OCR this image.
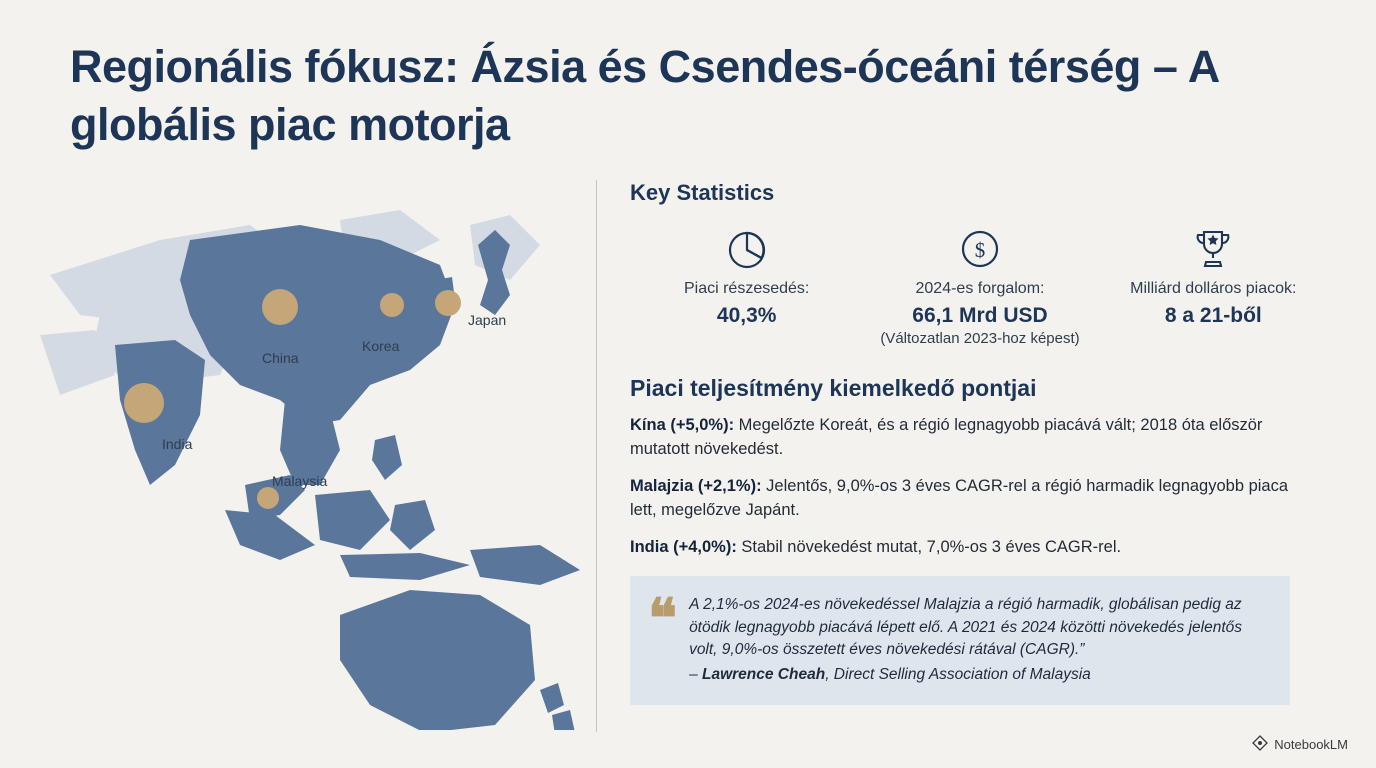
Regionális fókusz: Ázsia és Csendes-óceáni térség – A globális piac motorja
China
Korea
Japan
India
Malaysia
Key Statistics
Piaci részesedés:
40,3%
$
2024-es forgalom:
66,1 Mrd USD
(Változatlan 2023-hoz képest)
Milliárd dolláros piacok:
8 a 21-ből
Piaci teljesítmény kiemelkedő pontjai
Kína (+5,0%): Megelőzte Koreát, és a régió legnagyobb piacává vált; 2018 óta először mutatott növekedést.
Malajzia (+2,1%): Jelentős, 9,0%-os 3 éves CAGR-rel a régió harmadik legnagyobb piaca lett, megelőzve Japánt.
India (+4,0%): Stabil növekedést mutat, 7,0%-os 3 éves CAGR-rel.
❝ A 2,1%-os 2024-es növekedéssel Malajzia a régió harmadik, globálisan pedig az ötödik legnagyobb piacává lépett elő. A 2021 és 2024 közötti növekedés jelentős volt, 9,0%-os összetett éves növekedési rátával (CAGR).”
– Lawrence Cheah, Direct Selling Association of Malaysia
NotebookLM
